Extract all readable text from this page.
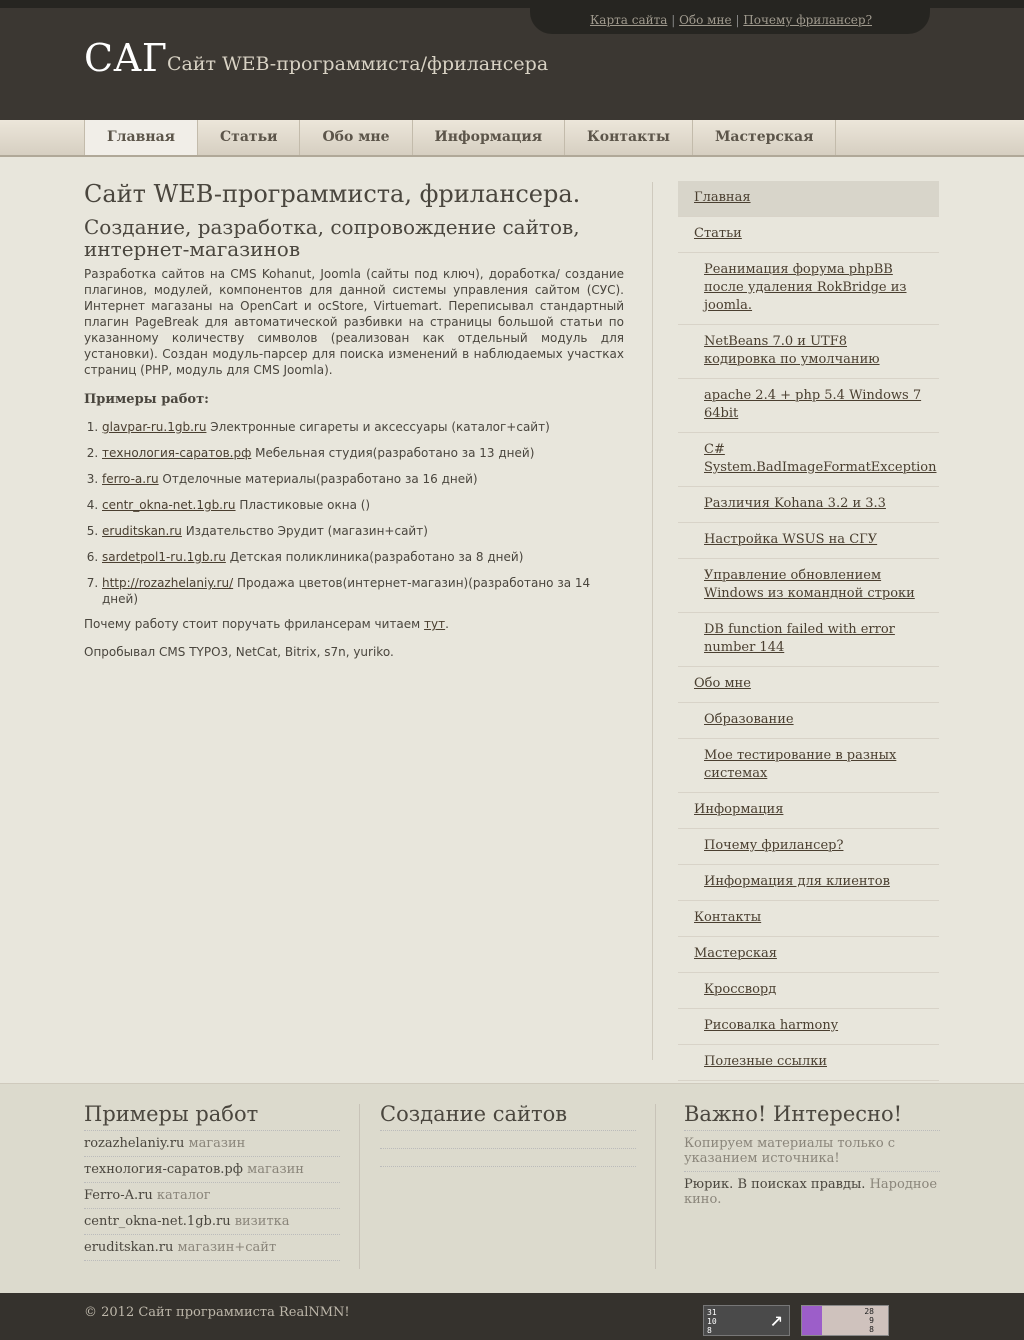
Карта сайта | Обо мне | Почему фрилансер?
САГ Сайт WEB-программиста/фрилансера
Главная	Статьи	Обо мне	Информация	Контакты	Мастерская
Сайт WEB-программиста, фрилансера.
Создание, разработка, сопровождение сайтов, интернет-магазинов

Разработка сайтов на CMS Kohanut, Joomla (сайты под ключ), доработка/ создание плагинов, модулей, компонентов для данной системы управления сайтом (СУС). Интернет магазаны на OpenCart и ocStore, Virtuemart. Переписывал стандартный плагин PageBreak для автоматической разбивки на страницы большой статьи по указанному количеству символов (реализован как отдельный модуль для установки). Создан модуль-парсер для поиска изменений в наблюдаемых участках страниц (PHP, модуль для CMS Joomla).

Примеры работ:
1. glavpar-ru.1gb.ru Электронные сигареты и аксессуары (каталог+сайт)
2. технология-саратов.рф Мебельная студия(разработано за 13 дней)
3. ferro-a.ru Отделочные материалы(разработано за 16 дней)
4. centr_okna-net.1gb.ru Пластиковые окна ()
5. eruditskan.ru Издательство Эрудит (магазин+сайт)
6. sardetpol1-ru.1gb.ru Детская поликлиника(разработано за 8 дней)
7. http://rozazhelaniy.ru/ Продажа цветов(интернет-магазин)(разработано за 14 дней)

Почему работу стоит поручать фрилансерам читаем тут.

Опробывал CMS TYPO3, NetCat, Bitrix, s7n, yuriko.

Главная
Статьи
Реанимация форума phpBB после удаления RokBridge из joomla.
NetBeans 7.0 и UTF8 кодировка по умолчанию
apache 2.4 + php 5.4 Windows 7 64bit
C# System.BadImageFormatException
Различия Kohana 3.2 и 3.3
Настройка WSUS на СГУ
Управление обновлением Windows из командной строки
DB function failed with error number 144
Обо мне
Образование
Мое тестирование в разных системах
Информация
Почему фрилансер?
Информация для клиентов
Контакты
Мастерская
Кроссворд
Рисовалка harmony
Полезные ссылки
Примеры работ
rozazhelaniy.ru магазин
технология-саратов.рф магазин
Ferro-A.ru каталог
centr_okna-net.1gb.ru визитка
eruditskan.ru магазин+сайт
Создание сайтов	Важно! Интересно!
Копируем материалы только с указанием источника!
Рюрик. В поисках правды. Народное кино.
© 2012 Сайт программиста RealNMN!	31
10
8	↗	28
9
8
